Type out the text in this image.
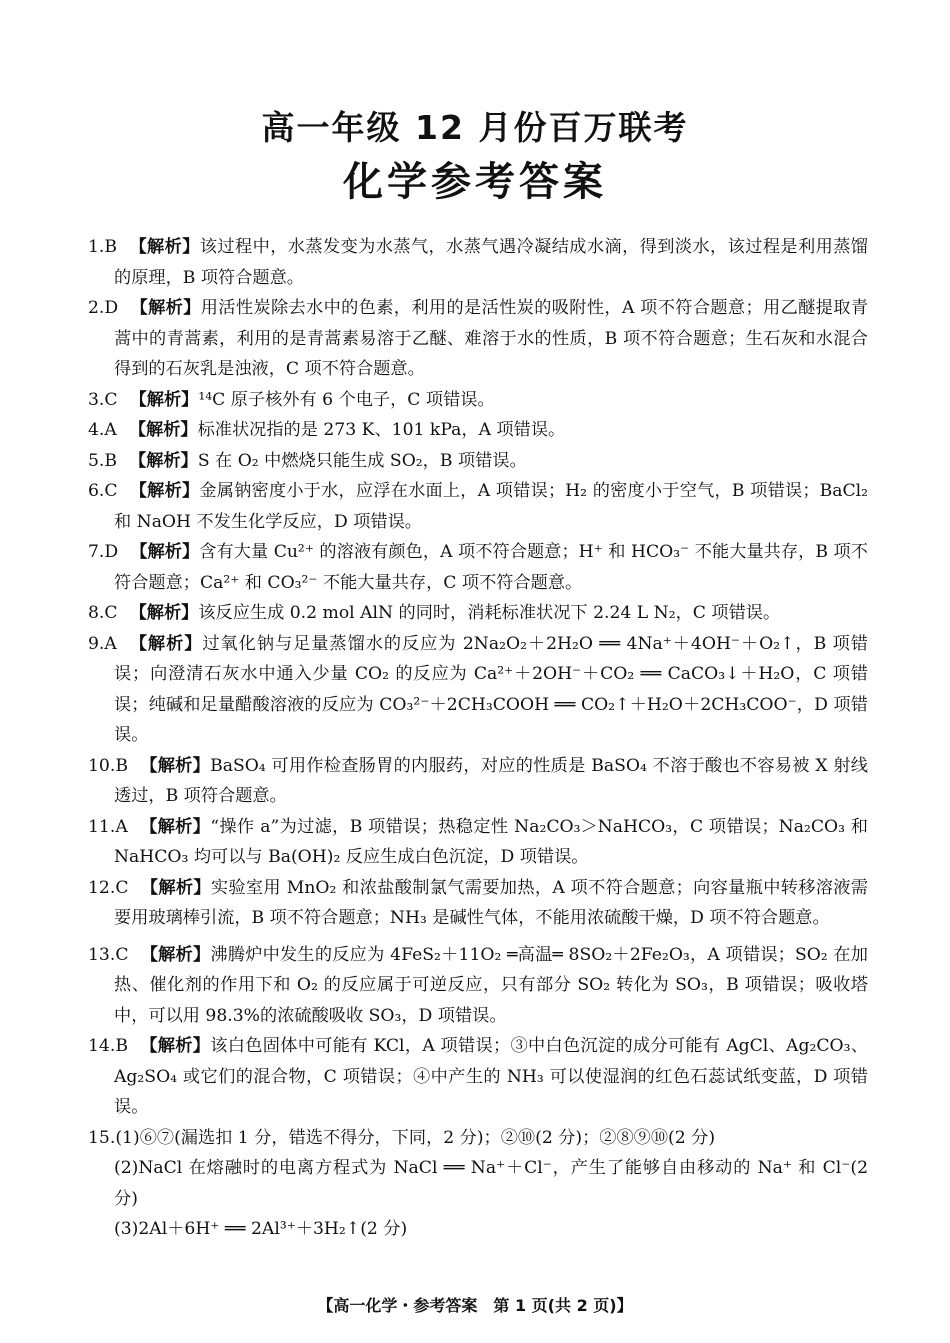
高一年级 12 月份百万联考
化学参考答案
1.B 【解析】该过程中，水蒸发变为水蒸气，水蒸气遇冷凝结成水滴，得到淡水，该过程是利用蒸馏的原理，B 项符合题意。
2.D 【解析】用活性炭除去水中的色素，利用的是活性炭的吸附性，A 项不符合题意；用乙醚提取青蒿中的青蒿素，利用的是青蒿素易溶于乙醚、难溶于水的性质，B 项不符合题意；生石灰和水混合得到的石灰乳是浊液，C 项不符合题意。
3.C 【解析】¹⁴C 原子核外有 6 个电子，C 项错误。
4.A 【解析】标准状况指的是 273 K、101 kPa，A 项错误。
5.B 【解析】S 在 O₂ 中燃烧只能生成 SO₂，B 项错误。
6.C 【解析】金属钠密度小于水，应浮在水面上，A 项错误；H₂ 的密度小于空气，B 项错误；BaCl₂ 和 NaOH 不发生化学反应，D 项错误。
7.D 【解析】含有大量 Cu²⁺ 的溶液有颜色，A 项不符合题意；H⁺ 和 HCO₃⁻ 不能大量共存，B 项不符合题意；Ca²⁺ 和 CO₃²⁻ 不能大量共存，C 项不符合题意。
8.C 【解析】该反应生成 0.2 mol AlN 的同时，消耗标准状况下 2.24 L N₂，C 项错误。
9.A 【解析】过氧化钠与足量蒸馏水的反应为 2Na₂O₂＋2H₂O ══ 4Na⁺＋4OH⁻＋O₂↑，B 项错误；向澄清石灰水中通入少量 CO₂ 的反应为 Ca²⁺＋2OH⁻＋CO₂ ══ CaCO₃↓＋H₂O，C 项错误；纯碱和足量醋酸溶液的反应为 CO₃²⁻＋2CH₃COOH ══ CO₂↑＋H₂O＋2CH₃COO⁻，D 项错误。
10.B 【解析】BaSO₄ 可用作检查肠胃的内服药，对应的性质是 BaSO₄ 不溶于酸也不容易被 X 射线透过，B 项符合题意。
11.A 【解析】“操作 a”为过滤，B 项错误；热稳定性 Na₂CO₃＞NaHCO₃，C 项错误；Na₂CO₃ 和 NaHCO₃ 均可以与 Ba(OH)₂ 反应生成白色沉淀，D 项错误。
12.C 【解析】实验室用 MnO₂ 和浓盐酸制氯气需要加热，A 项不符合题意；向容量瓶中转移溶液需要用玻璃棒引流，B 项不符合题意；NH₃ 是碱性气体，不能用浓硫酸干燥，D 项不符合题意。
13.C 【解析】沸腾炉中发生的反应为 4FeS₂＋11O₂ ═高温═ 8SO₂＋2Fe₂O₃，A 项错误；SO₂ 在加热、催化剂的作用下和 O₂ 的反应属于可逆反应，只有部分 SO₂ 转化为 SO₃，B 项错误；吸收塔中，可以用 98.3%的浓硫酸吸收 SO₃，D 项错误。
14.B 【解析】该白色固体中可能有 KCl，A 项错误；③中白色沉淀的成分可能有 AgCl、Ag₂CO₃、Ag₂SO₄ 或它们的混合物，C 项错误；④中产生的 NH₃ 可以使湿润的红色石蕊试纸变蓝，D 项错误。
15.(1)⑥⑦(漏选扣 1 分，错选不得分，下同，2 分)；②⑩(2 分)；②⑧⑨⑩(2 分)
(2)NaCl 在熔融时的电离方程式为 NaCl ══ Na⁺＋Cl⁻，产生了能够自由移动的 Na⁺ 和 Cl⁻(2 分)
(3)2Al＋6H⁺ ══ 2Al³⁺＋3H₂↑(2 分)
【高一化学・参考答案　第 1 页(共 2 页)】
